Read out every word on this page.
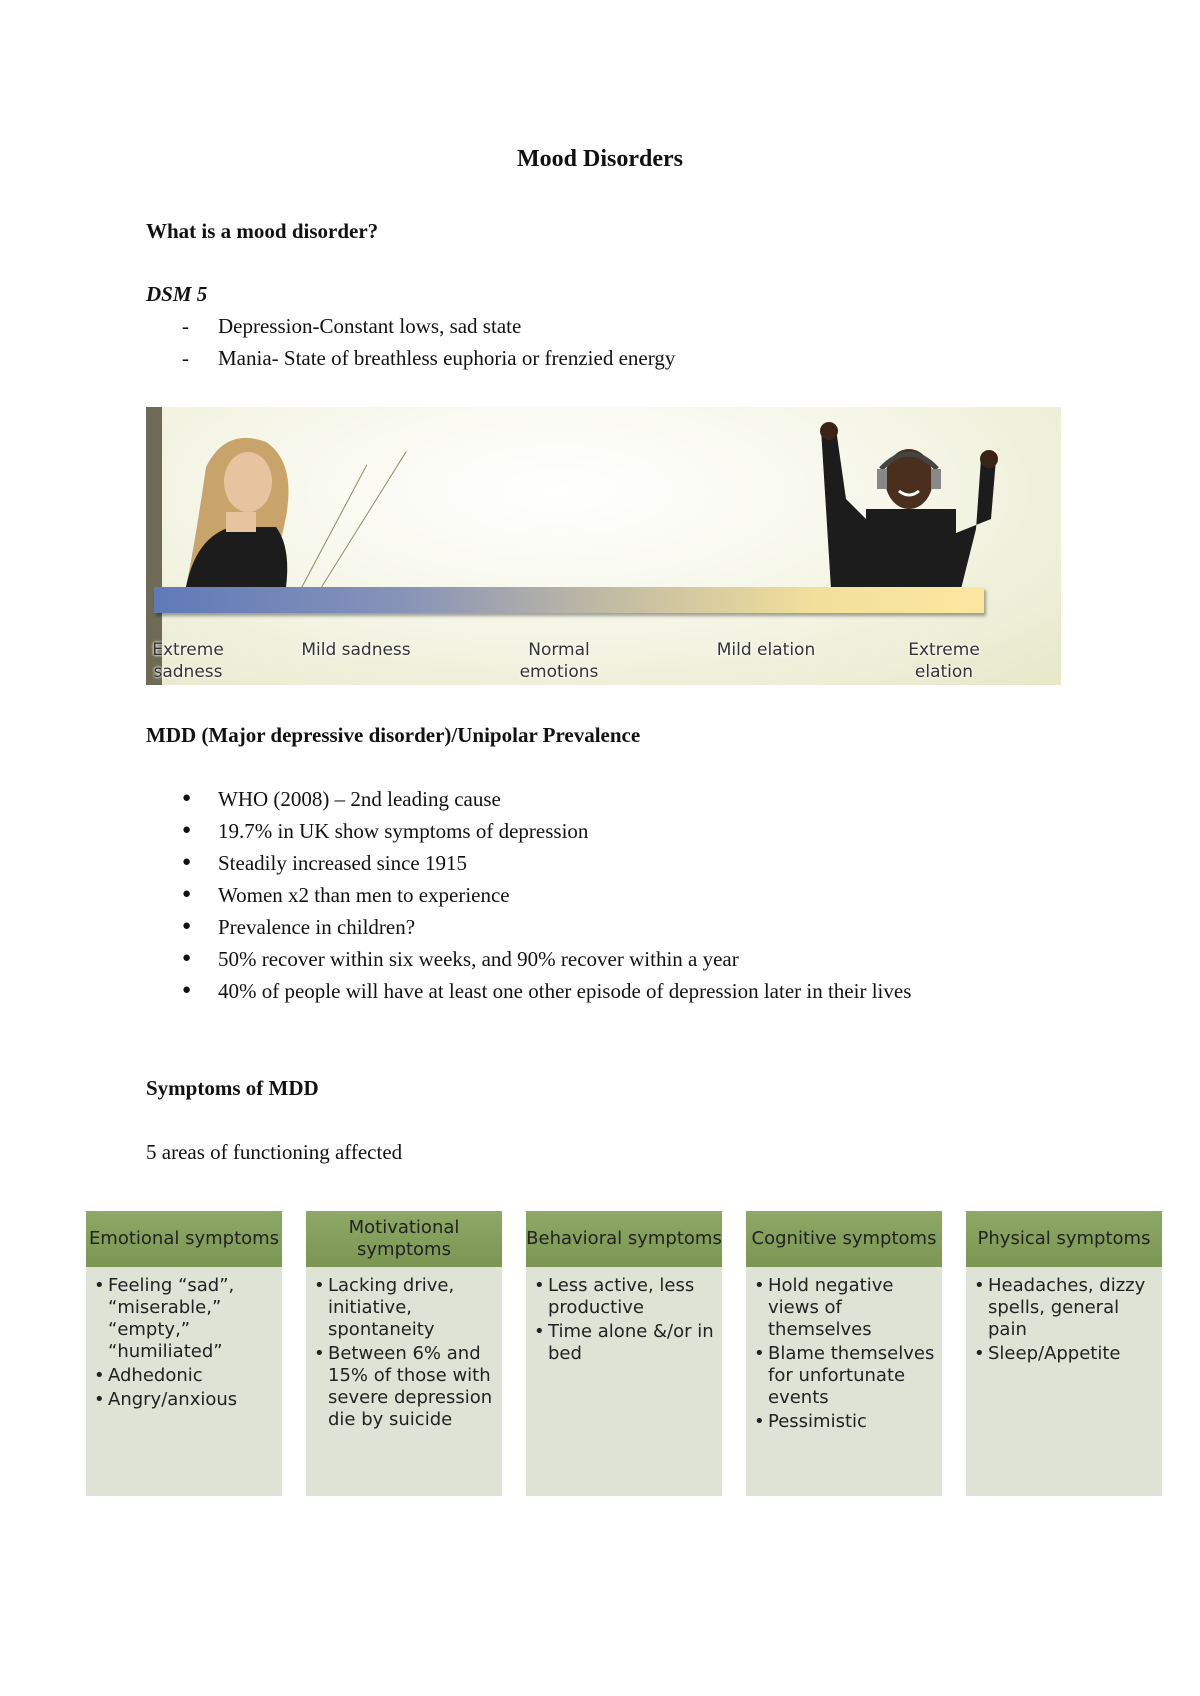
Mood Disorders
What is a mood disorder?
DSM 5
- Depression-Constant lows, sad state
- Mania- State of breathless euphoria or frenzied energy
Extreme sadness
Mild sadness	Normal emotions
Mild elation	Extreme elation
MDD (Major depressive disorder)/Unipolar Prevalence
● WHO (2008) – 2nd leading cause
● 19.7% in UK show symptoms of depression
● Steadily increased since 1915
● Women x2 than men to experience
● Prevalence in children?
● 50% recover within six weeks, and 90% recover within a year
● 40% of people will have at least one other episode of depression later in their lives
Symptoms of MDD
5 areas of functioning affected
Emotional symptoms
• Feeling “sad”, “miserable,” “empty,” “humiliated”
• Adhedonic
• Angry/anxious
Motivational symptoms
• Lacking drive, initiative, spontaneity
• Between 6% and 15% of those with severe depression die by suicide
Behavioral symptoms
• Less active, less productive
• Time alone &/or in bed
Cognitive symptoms
• Hold negative views of themselves
• Blame themselves for unfortunate events
• Pessimistic
Physical symptoms
• Headaches, dizzy spells, general pain
• Sleep/Appetite
